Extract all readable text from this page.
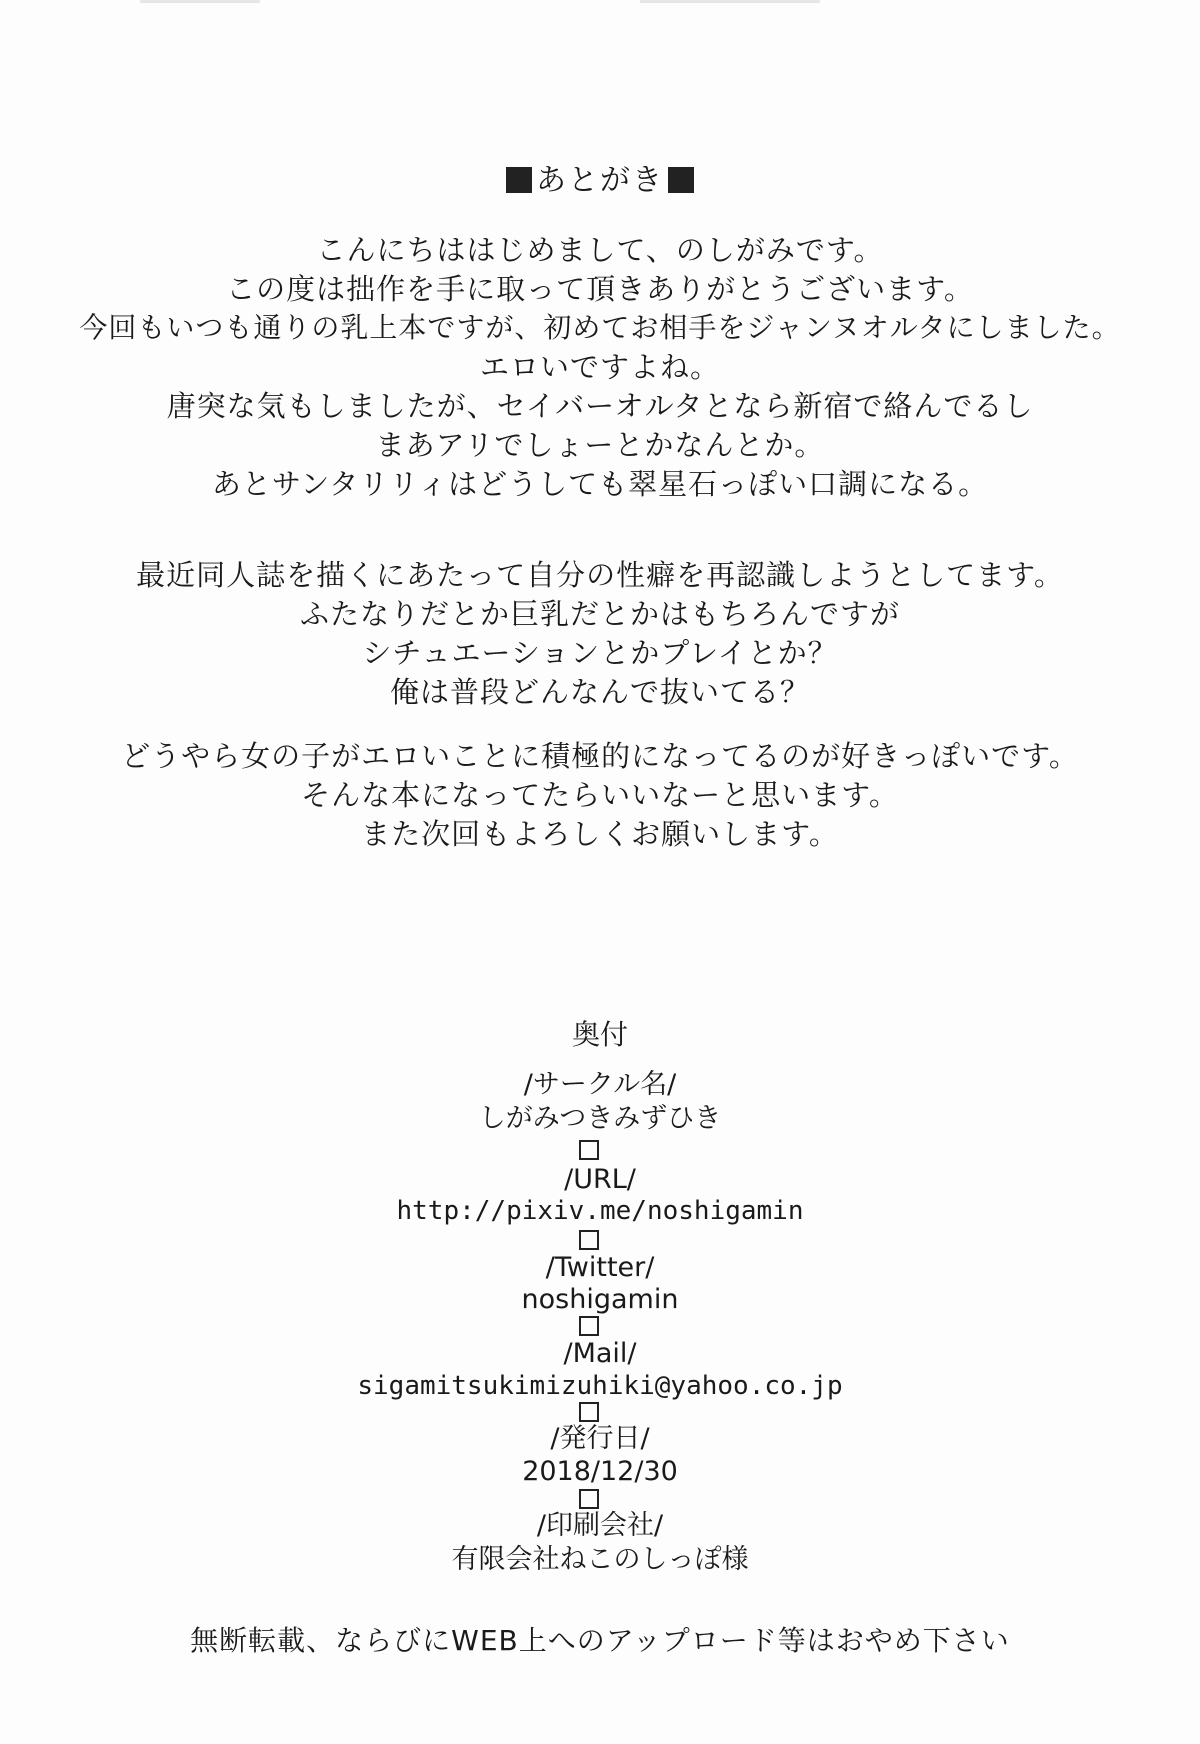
あとがき
こんにちははじめまして、のしがみです。
この度は拙作を手に取って頂きありがとうございます。
今回もいつも通りの乳上本ですが、初めてお相手をジャンヌオルタにしました。
エロいですよね。
唐突な気もしましたが、セイバーオルタとなら新宿で絡んでるし
まあアリでしょーとかなんとか。
あとサンタリリィはどうしても翠星石っぽい口調になる。
最近同人誌を描くにあたって自分の性癖を再認識しようとしてます。
ふたなりだとか巨乳だとかはもちろんですが
シチュエーションとかプレイとか？
俺は普段どんなんで抜いてる？
どうやら女の子がエロいことに積極的になってるのが好きっぽいです。
そんな本になってたらいいなーと思います。
また次回もよろしくお願いします。
奥付
/サークル名/
しがみつきみずひき
/URL/
http://pixiv.me/noshigamin
/Twitter/
noshigamin
/Mail/
sigamitsukimizuhiki@yahoo.co.jp
/発行日/
2018/12/30
/印刷会社/
有限会社ねこのしっぽ様
無断転載、ならびにWEB上へのアップロード等はおやめ下さい
